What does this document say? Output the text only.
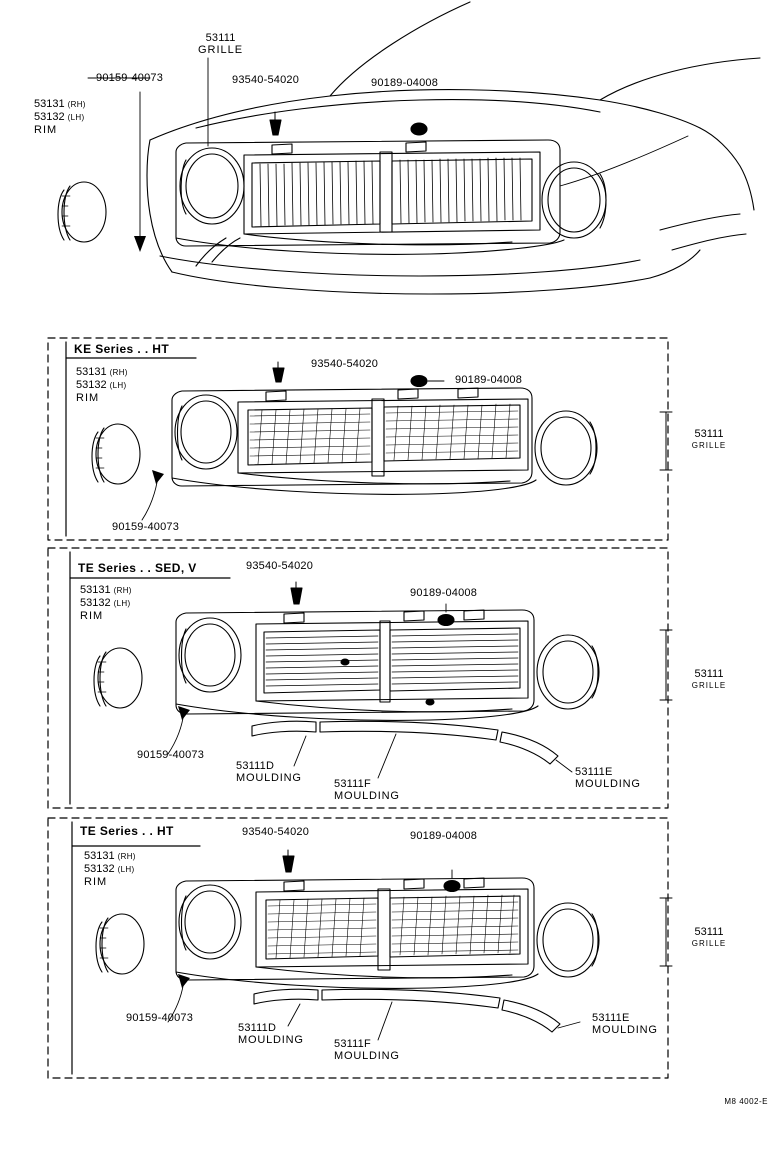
53111
GRILLE
90159-40073
53131 (RH)
53132 (LH)
RIM
93540-54020	90189-04008
KE Series . . HT
53131 (RH)
53132 (LH)
RIM
93540-54020
90189-04008
90159-40073
53111
GRILLE
TE Series . . SED, V
53131 (RH)
53132 (LH)
RIM
93540-54020
90189-04008
90159-40073
53111D
MOULDING	53111F
MOULDING
53111E
MOULDING
53111
GRILLE
TE Series . . HT
53131 (RH)
53132 (LH)
RIM
93540-54020	90189-04008
90159-40073
53111D
MOULDING	53111F
MOULDING
53111E
MOULDING
53111
GRILLE
M8 4002-E
